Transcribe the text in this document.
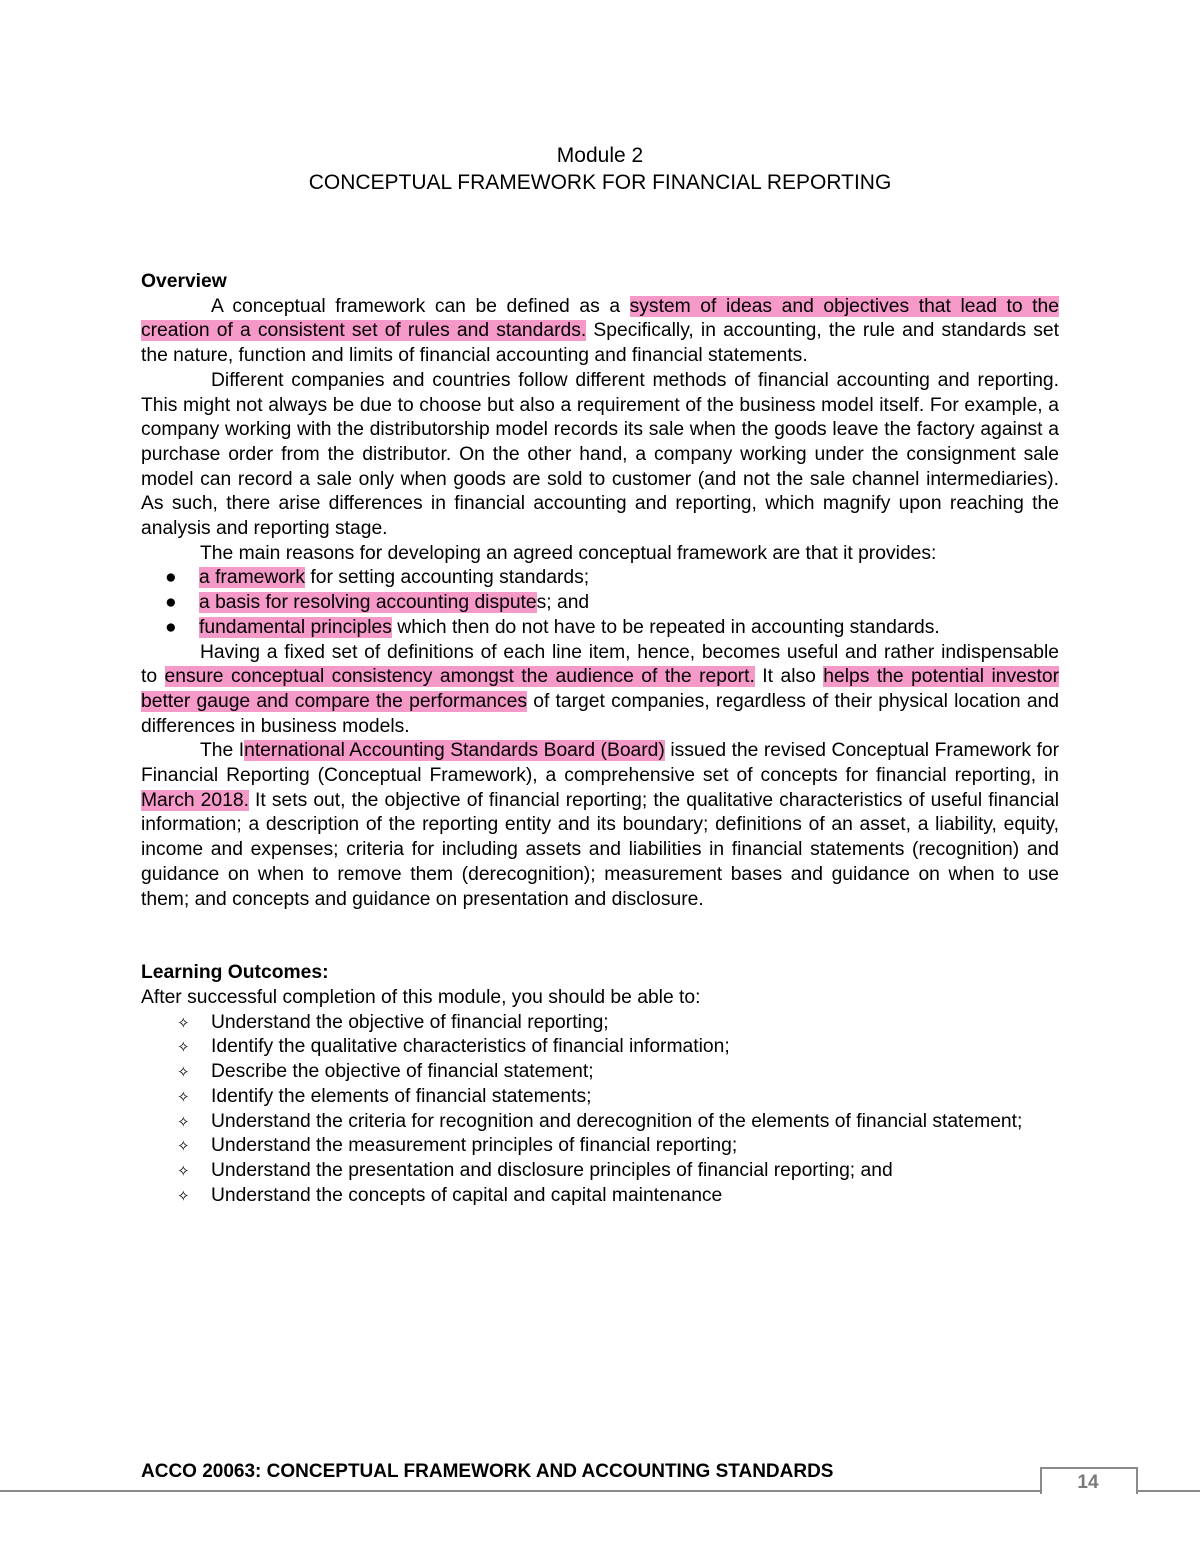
Module 2
CONCEPTUAL FRAMEWORK FOR FINANCIAL REPORTING
Overview

A conceptual framework can be defined as a system of ideas and objectives that lead to the creation of a consistent set of rules and standards. Specifically, in accounting, the rule and standards set the nature, function and limits of financial accounting and financial statements.

Different companies and countries follow different methods of financial accounting and reporting. This might not always be due to choose but also a requirement of the business model itself. For example, a company working with the distributorship model records its sale when the goods leave the factory against a purchase order from the distributor. On the other hand, a company working under the consignment sale model can record a sale only when goods are sold to customer (and not the sale channel intermediaries). As such, there arise differences in financial accounting and reporting, which magnify upon reaching the analysis and reporting stage.

The main reasons for developing an agreed conceptual framework are that it provides:

● a framework for setting accounting standards;
● a basis for resolving accounting disputes; and
● fundamental principles which then do not have to be repeated in accounting standards.

Having a fixed set of definitions of each line item, hence, becomes useful and rather indispensable to ensure conceptual consistency amongst the audience of the report. It also helps the potential investor better gauge and compare the performances of target companies, regardless of their physical location and differences in business models.

The International Accounting Standards Board (Board) issued the revised Conceptual Framework for Financial Reporting (Conceptual Framework), a comprehensive set of concepts for financial reporting, in March 2018. It sets out, the objective of financial reporting; the qualitative characteristics of useful financial information; a description of the reporting entity and its boundary; definitions of an asset, a liability, equity, income and expenses; criteria for including assets and liabilities in financial statements (recognition) and guidance on when to remove them (derecognition); measurement bases and guidance on when to use them; and concepts and guidance on presentation and disclosure.

Learning Outcomes:

After successful completion of this module, you should be able to:

✧ Understand the objective of financial reporting;
✧ Identify the qualitative characteristics of financial information;
✧ Describe the objective of financial statement;
✧ Identify the elements of financial statements;
✧ Understand the criteria for recognition and derecognition of the elements of financial statement;
✧ Understand the measurement principles of financial reporting;
✧ Understand the presentation and disclosure principles of financial reporting; and
✧ Understand the concepts of capital and capital maintenance
ACCO 20063: CONCEPTUAL FRAMEWORK AND ACCOUNTING STANDARDS
14
